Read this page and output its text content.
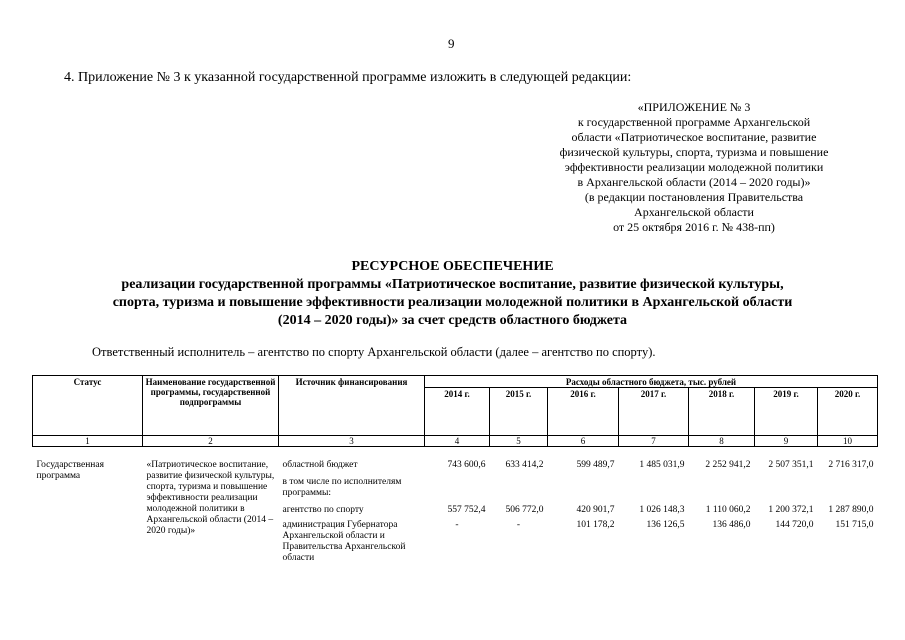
9
4. Приложение № 3 к указанной государственной программе изложить в следующей редакции:
«ПРИЛОЖЕНИЕ № 3
к государственной программе Архангельской
области «Патриотическое воспитание, развитие
физической культуры, спорта, туризма и повышение
эффективности реализации молодежной политики
в Архангельской области (2014 – 2020 годы)»
(в редакции постановления Правительства
Архангельской области
от 25 октября 2016 г. № 438-пп)
РЕСУРСНОЕ ОБЕСПЕЧЕНИЕ
реализации государственной программы «Патриотическое воспитание, развитие физической культуры,
спорта, туризма и повышение эффективности реализации молодежной политики в Архангельской области
(2014 – 2020 годы)» за счет средств областного бюджета
Ответственный исполнитель – агентство по спорту Архангельской области (далее – агентство по спорту).
Статус	Наименование государственной программы, государственной подпрограммы	Источник финансирования	Расходы областного бюджета, тыс. рублей						
			2014 г.	2015 г.	2016 г.	2017 г.	2018 г.	2019 г.	2020 г.
1	2	3	4	5	6	7	8	9	10
Государственная программа	«Патриотическое воспитание, развитие физической культуры, спорта, туризма и повышение эффективности реализации молодежной политики в Архангельской области (2014 – 2020 годы)»	областной бюджет	743 600,6	633 414,2	599 489,7	1 485 031,9	2 252 941,2	2 507 351,1	2 716 317,0
		в том числе по исполнителям программы:							
		агентство по спорту	557 752,4	506 772,0	420 901,7	1 026 148,3	1 110 060,2	1 200 372,1	1 287 890,0
		администрация Губернатора Архангельской области и Правительства Архангельской области	-	-	101 178,2	136 126,5	136 486,0	144 720,0	151 715,0
